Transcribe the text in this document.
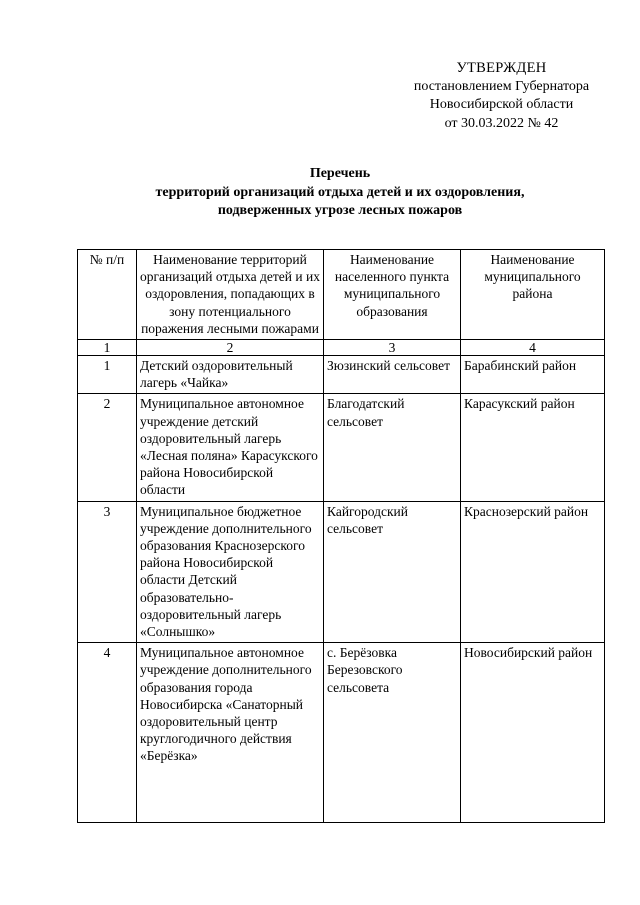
УТВЕРЖДЕН
постановлением Губернатора
Новосибирской области
от 30.03.2022 № 42
Перечень
территорий организаций отдыха детей и их оздоровления,
подверженных угрозе лесных пожаров
№ п/п	Наименование территорий организаций отдыха детей и их оздоровления, попадающих в зону потенциального поражения лесными пожарами	Наименование населенного пункта муниципального образования	Наименование муниципального района
1	2	3	4
1	Детский оздоровительный лагерь «Чайка»	Зюзинский сельсовет	Барабинский район
2	Муниципальное автономное учреждение детский оздоровительный лагерь «Лесная поляна» Карасукского района Новосибирской области	Благодатский сельсовет	Карасукский район
3	Муниципальное бюджетное учреждение дополнительного образования Краснозерского района Новосибирской области Детский образовательно-оздоровительный лагерь «Солнышко»	Кайгородский сельсовет	Краснозерский район
4	Муниципальное автономное учреждение дополнительного образования города Новосибирска «Санаторный оздоровительный центр круглогодичного действия «Берёзка»	с. Берёзовка Березовского сельсовета	Новосибирский район
